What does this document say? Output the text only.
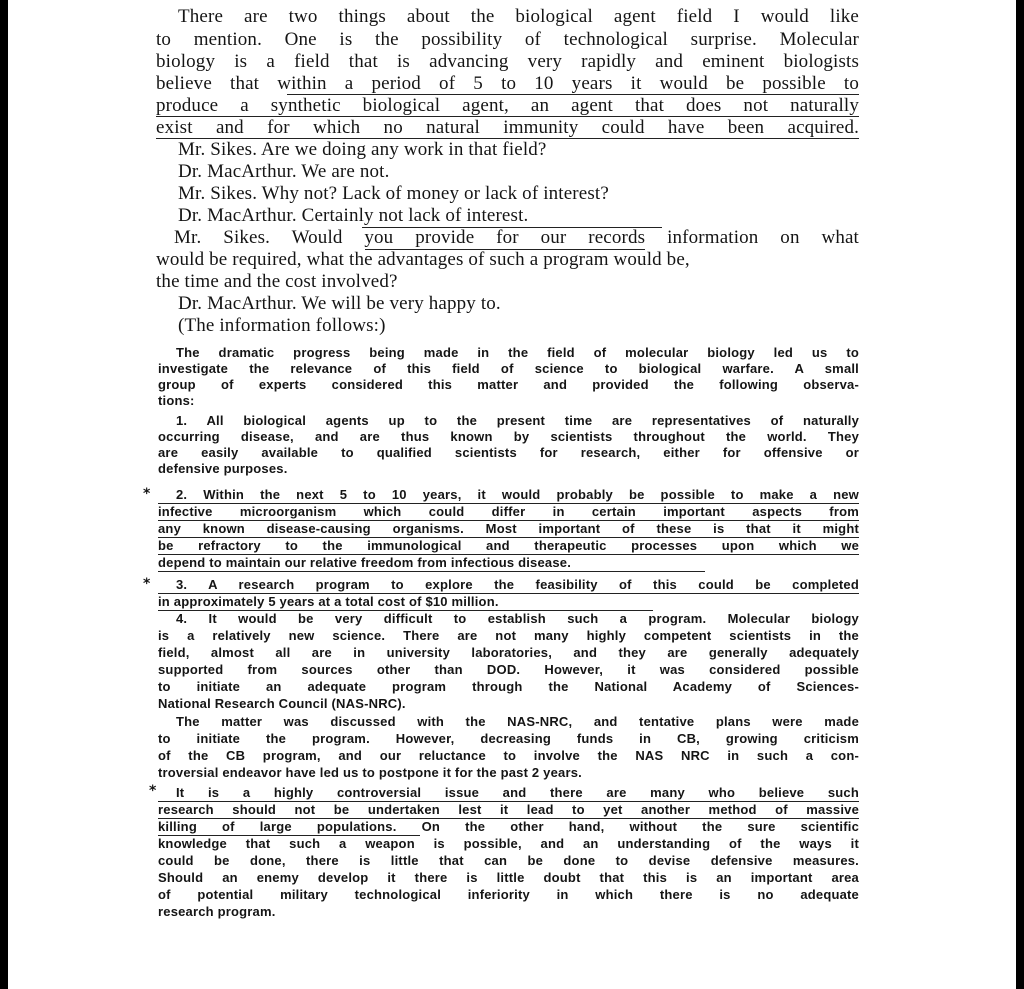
There are two things about the biological agent field I would like
to mention. One is the possibility of technological surprise. Molecular
biology is a field that is advancing very rapidly and eminent biologists
believe that within a period of 5 to 10 years it would be possible to
produce a synthetic biological agent, an agent that does not naturally
exist and for which no natural immunity could have been acquired.
Mr. Sikes. Are we doing any work in that field?
Dr. MacArthur. We are not.
Mr. Sikes. Why not? Lack of money or lack of interest?
Dr. MacArthur. Certainly not lack of interest.
Mr. Sikes. Would you provide for our records information on what
would be required, what the advantages of such a program would be,
the time and the cost involved?
Dr. MacArthur. We will be very happy to.
(The information follows:)
The dramatic progress being made in the field of molecular biology led us to
investigate the relevance of this field of science to biological warfare. A small
group of experts considered this matter and provided the following observa-
tions:
1. All biological agents up to the present time are representatives of naturally
occurring disease, and are thus known by scientists throughout the world. They
are easily available to qualified scientists for research, either for offensive or
defensive purposes.
* 2. Within the next 5 to 10 years, it would probably be possible to make a new
infective microorganism which could differ in certain important aspects from
any known disease-causing organisms. Most important of these is that it might
be refractory to the immunological and therapeutic processes upon which we
depend to maintain our relative freedom from infectious disease.
* 3. A research program to explore the feasibility of this could be completed
in approximately 5 years at a total cost of $10 million.
4. It would be very difficult to establish such a program. Molecular biology
is a relatively new science. There are not many highly competent scientists in the
field, almost all are in university laboratories, and they are generally adequately
supported from sources other than DOD. However, it was considered possible
to initiate an adequate program through the National Academy of Sciences-
National Research Council (NAS-NRC).
The matter was discussed with the NAS-NRC, and tentative plans were made
to initiate the program. However, decreasing funds in CB, growing criticism
of the CB program, and our reluctance to involve the NAS NRC in such a con-
troversial endeavor have led us to postpone it for the past 2 years.
* It is a highly controversial issue and there are many who believe such
research should not be undertaken lest it lead to yet another method of massive
killing of large populations. On the other hand, without the sure scientific
knowledge that such a weapon is possible, and an understanding of the ways it
could be done, there is little that can be done to devise defensive measures.
Should an enemy develop it there is little doubt that this is an important area
of potential military technological inferiority in which there is no adequate
research program.
